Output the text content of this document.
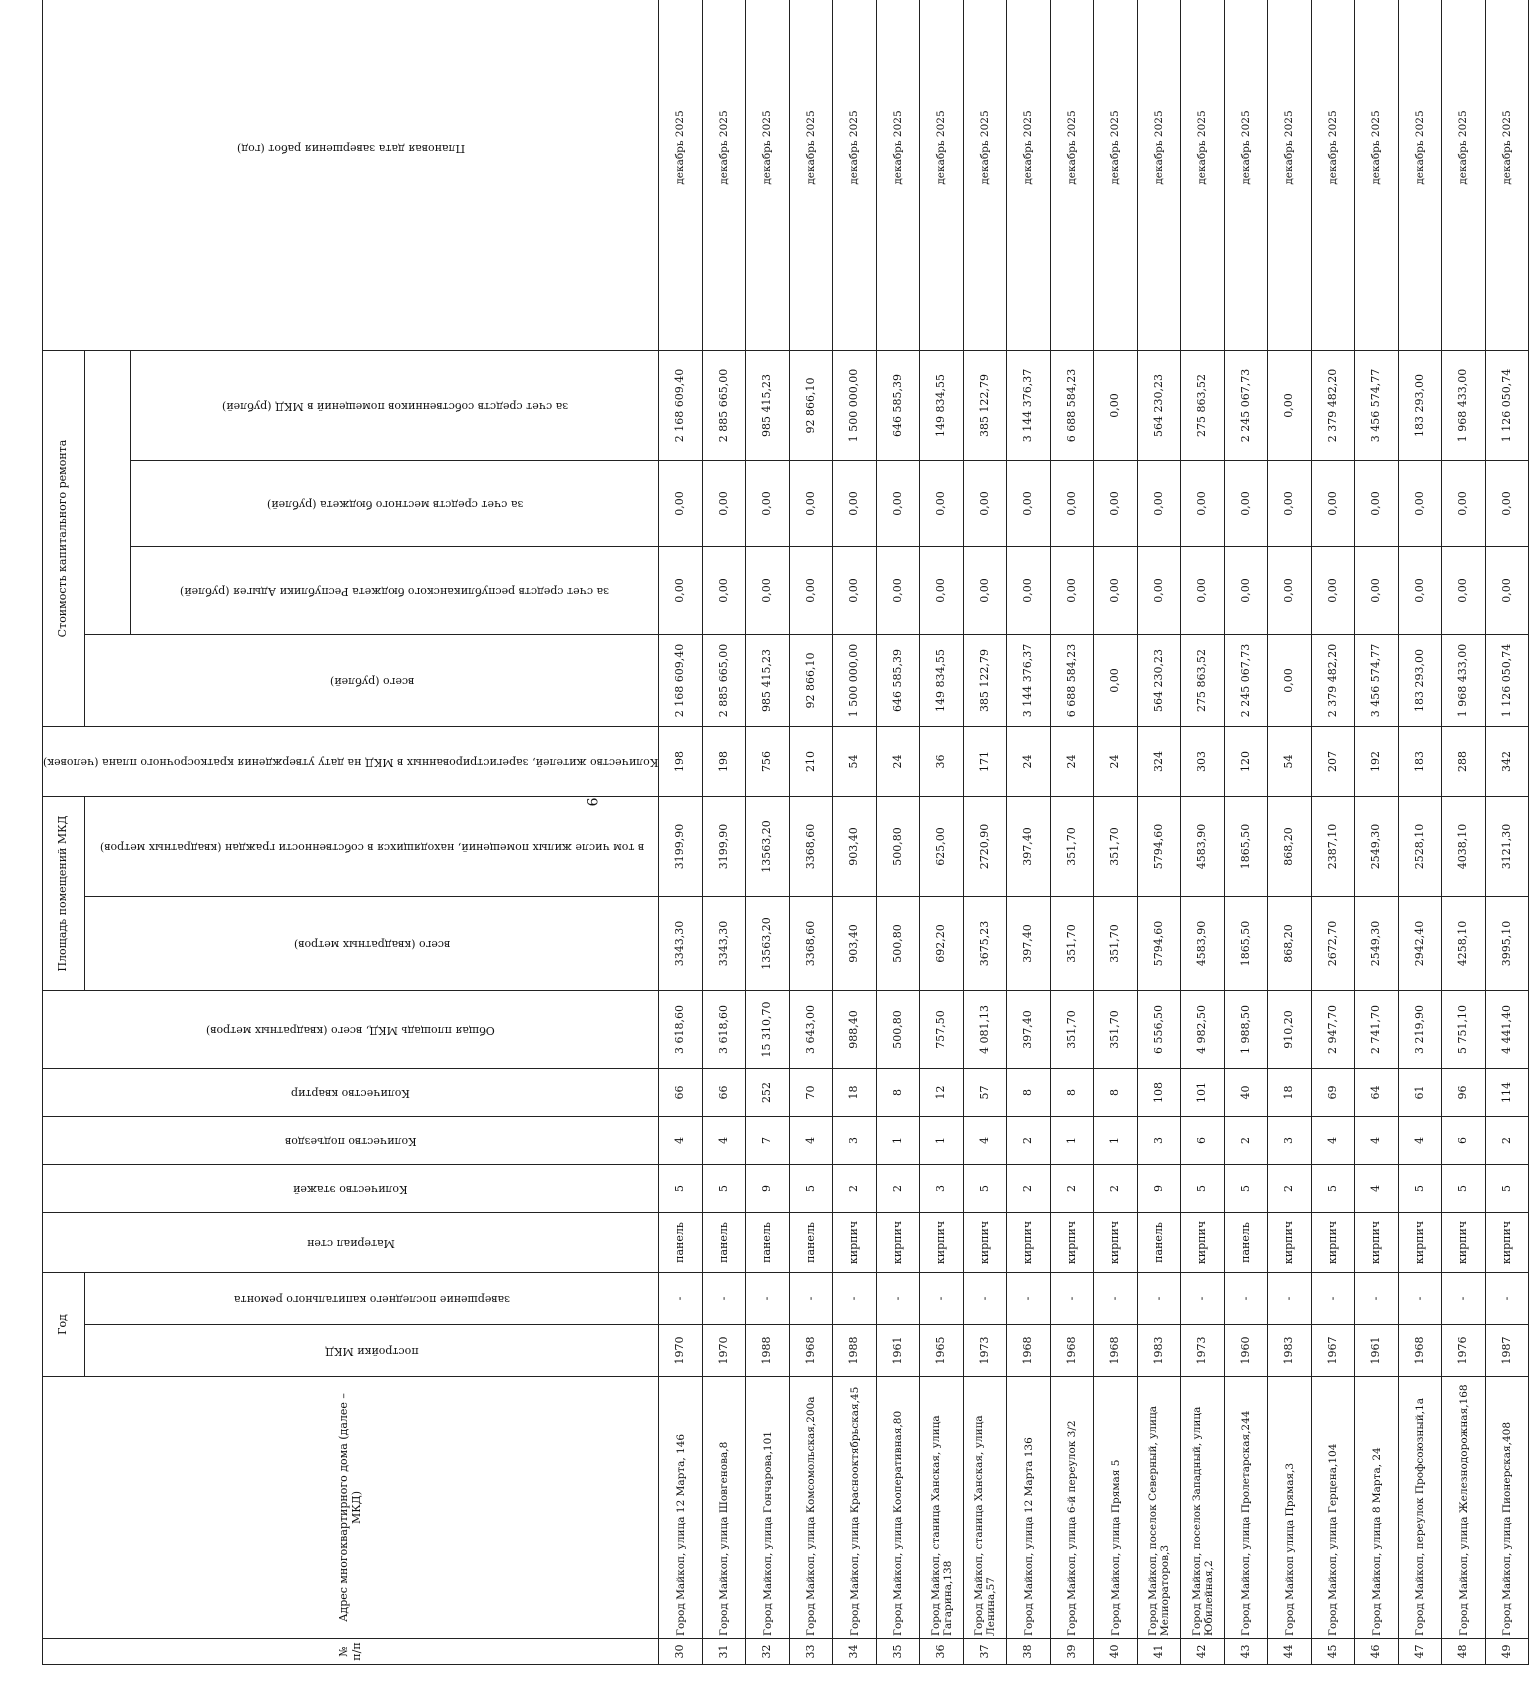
9
№ п/п	Адрес многоквартирного дома (далее – МКД)	Год		Материал стен	Количество этажей	Количество подъездов	Количество квартир	Общая площадь МКД, всего (квадратных метров)	Площадь помещений МКД		Количество жителей, зарегистрированных в МКД на дату утверждения краткосрочного плана (человек)	Стоимость капитального ремонта				Плановая дата завершения работ (год)

		постройки МКД	завершение последнего капитального ремонта						всего (квадратных метров)	в том числе жилых помещений, находящихся в собственности граждан (квадратных метров)		всего (рублей)				

													за счет средств республиканского бюджета Республики Адыгея (рублей)	за счет средств местного бюджета (рублей)	за счет средств собственников помещений в МКД (рублей)	

30	Город Майкоп, улица 12 Марта, 146	1970	-	панель	5	4	66	3 618,60	3343,30	3199,90	198	2 168 609,40	0,00	0,00	2 168 609,40	декабрь 2025
31	Город Майкоп, улица Шовгенова,8	1970	-	панель	5	4	66	3 618,60	3343,30	3199,90	198	2 885 665,00	0,00	0,00	2 885 665,00	декабрь 2025
32	Город Майкоп, улица Гончарова,101	1988	-	панель	9	7	252	15 310,70	13563,20	13563,20	756	985 415,23	0,00	0,00	985 415,23	декабрь 2025
33	Город Майкоп, улица Комсомольская,200а	1968	-	панель	5	4	70	3 643,00	3368,60	3368,60	210	92 866,10	0,00	0,00	92 866,10	декабрь 2025
34	Город Майкоп, улица Краснооктябрьская,45	1988	-	кирпич	2	3	18	988,40	903,40	903,40	54	1 500 000,00	0,00	0,00	1 500 000,00	декабрь 2025
35	Город Майкоп, улица Кооперативная,80	1961	-	кирпич	2	1	8	500,80	500,80	500,80	24	646 585,39	0,00	0,00	646 585,39	декабрь 2025
36	Город Майкоп, станица Ханская, улица Гагарина,138	1965	-	кирпич	3	1	12	757,50	692,20	625,00	36	149 834,55	0,00	0,00	149 834,55	декабрь 2025
37	Город Майкоп, станица Ханская, улица Ленина,57	1973	-	кирпич	5	4	57	4 081,13	3675,23	2720,90	171	385 122,79	0,00	0,00	385 122,79	декабрь 2025
38	Город Майкоп, улица 12 Марта 136	1968	-	кирпич	2	2	8	397,40	397,40	397,40	24	3 144 376,37	0,00	0,00	3 144 376,37	декабрь 2025
39	Город Майкоп, улица 6-й переулок 3/2	1968	-	кирпич	2	1	8	351,70	351,70	351,70	24	6 688 584,23	0,00	0,00	6 688 584,23	декабрь 2025
40	Город Майкоп, улица Прямая 5	1968	-	кирпич	2	1	8	351,70	351,70	351,70	24	0,00	0,00	0,00	0,00	декабрь 2025
41	Город Майкоп, поселок Северный, улица Мелиораторов,3	1983	-	панель	9	3	108	6 556,50	5794,60	5794,60	324	564 230,23	0,00	0,00	564 230,23	декабрь 2025
42	Город Майкоп, поселок Западный, улица Юбилейная,2	1973	-	кирпич	5	6	101	4 982,50	4583,90	4583,90	303	275 863,52	0,00	0,00	275 863,52	декабрь 2025
43	Город Майкоп, улица Пролетарская,244	1960	-	панель	5	2	40	1 988,50	1865,50	1865,50	120	2 245 067,73	0,00	0,00	2 245 067,73	декабрь 2025
44	Город Майкоп улица Прямая,3	1983	-	кирпич	2	3	18	910,20	868,20	868,20	54	0,00	0,00	0,00	0,00	декабрь 2025
45	Город Майкоп, улица Герцена,104	1967	-	кирпич	5	4	69	2 947,70	2672,70	2387,10	207	2 379 482,20	0,00	0,00	2 379 482,20	декабрь 2025
46	Город Майкоп, улица 8 Марта, 24	1961	-	кирпич	4	4	64	2 741,70	2549,30	2549,30	192	3 456 574,77	0,00	0,00	3 456 574,77	декабрь 2025
47	Город Майкоп, переулок Профсоюзный,1а	1968	-	кирпич	5	4	61	3 219,90	2942,40	2528,10	183	183 293,00	0,00	0,00	183 293,00	декабрь 2025
48	Город Майкоп, улица Железнодорожная,168	1976	-	кирпич	5	6	96	5 751,10	4258,10	4038,10	288	1 968 433,00	0,00	0,00	1 968 433,00	декабрь 2025
49	Город Майкоп, улица Пионерская,408	1987	-	кирпич	5	2	114	4 441,40	3995,10	3121,30	342	1 126 050,74	0,00	0,00	1 126 050,74	декабрь 2025
